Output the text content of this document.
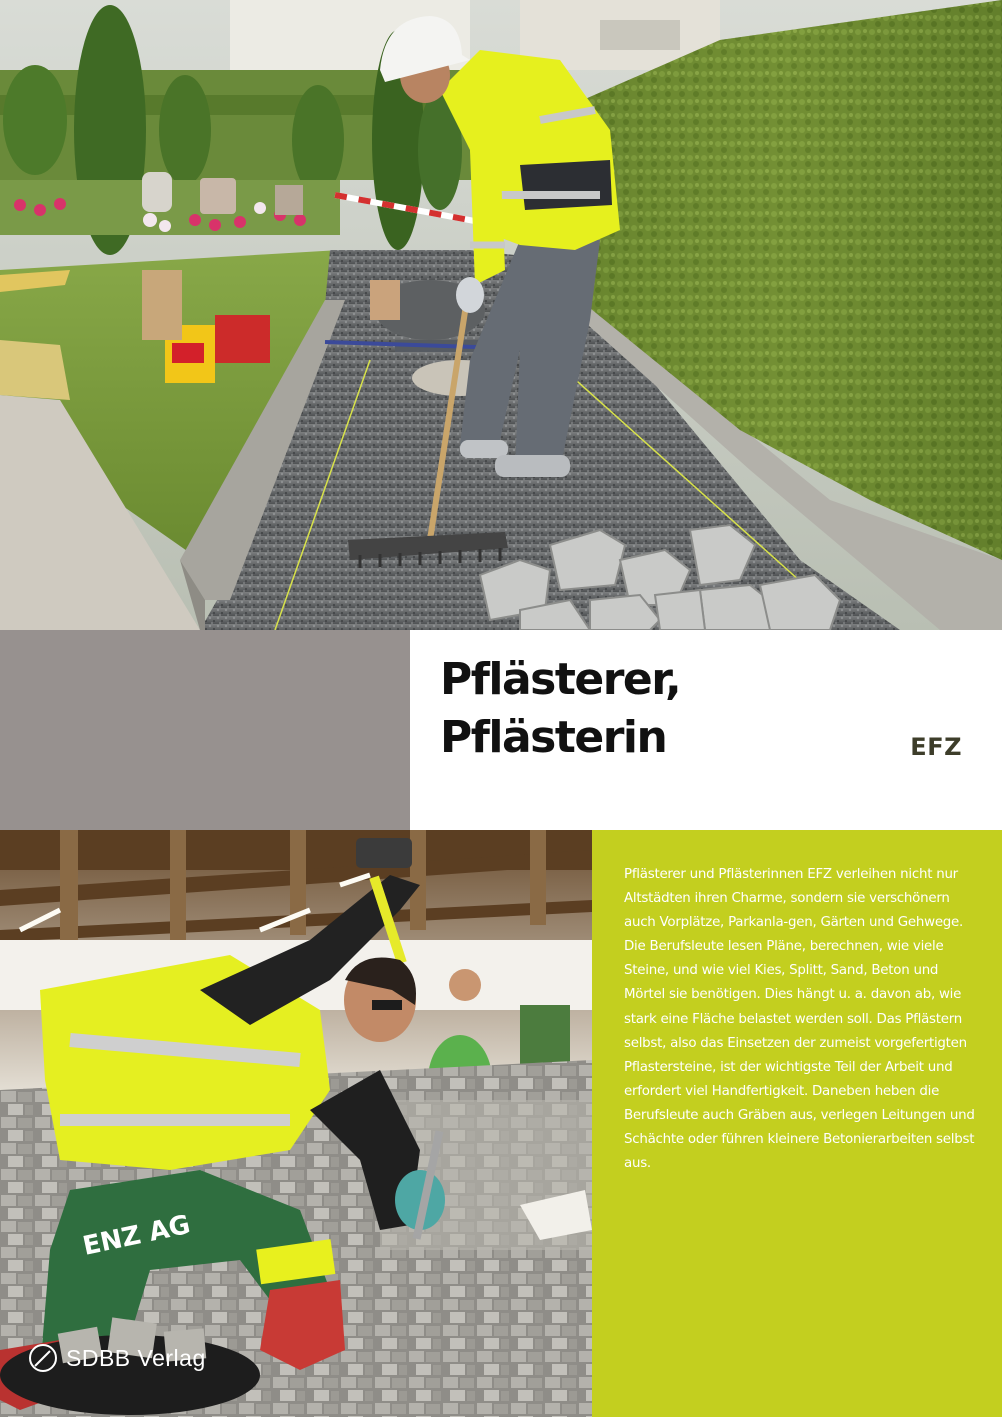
Pflästerer,
Pflästerin	EFZ
ENZ AG

Pflästerer und Pflästerinnen EFZ verleihen nicht nur Altstädten ihren Charme, sondern sie verschönern auch Vorplätze, Parkanla-gen, Gärten und Gehwege. Die Berufsleute lesen Pläne, berechnen, wie viele Steine, und wie viel Kies, Splitt, Sand, Beton und Mörtel sie benötigen. Dies hängt u. a. davon ab, wie stark eine Fläche belastet werden soll. Das Pflästern selbst, also das Einsetzen der zumeist vorgefertigten Pflastersteine, ist der wichtigste Teil der Arbeit und erfordert viel Handfertigkeit. Daneben heben die Berufsleute auch Gräben aus, verlegen Leitungen und Schächte oder führen kleinere Betonierarbeiten selbst aus.

SDBB Verlag
